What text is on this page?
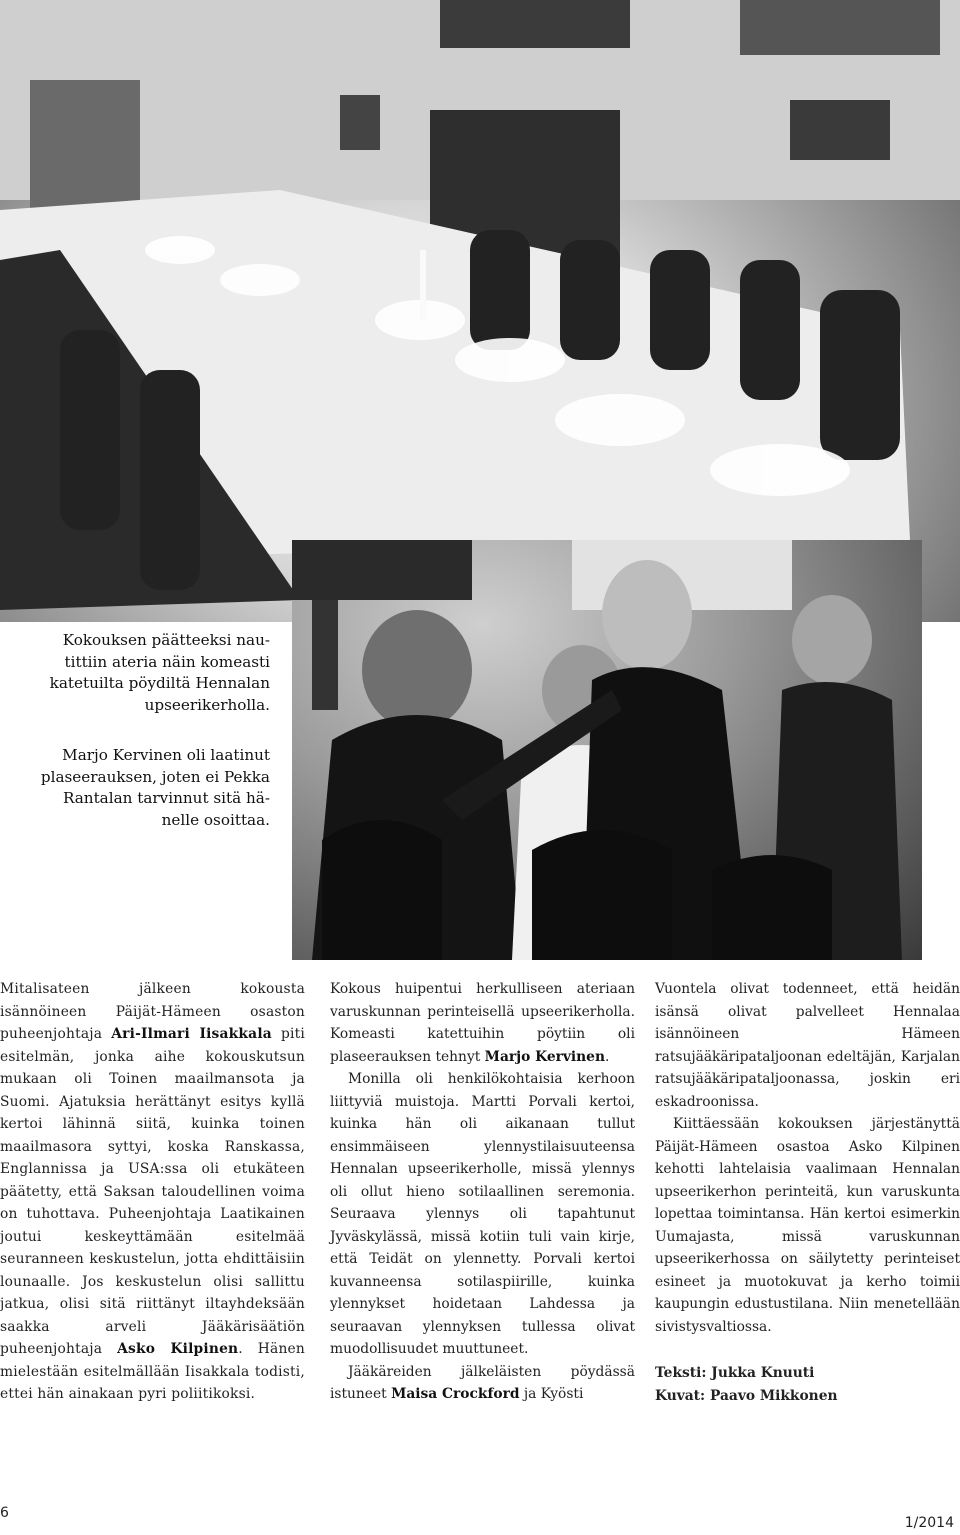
Kokouksen päätteeksi nau-
tittiin ateria näin komeasti
katetuilta pöydiltä Hennalan
upseerikerholla.
Marjo Kervinen oli laatinut
plaseerauksen, joten ei Pekka
Rantalan tarvinnut sitä hä-
nelle osoittaa.

Mitalisateen jälkeen kokousta isännöineen Päijät-Hämeen osaston puheenjohtaja Ari-Ilmari Iisakkala piti esitelmän, jonka aihe kokouskutsun mukaan oli Toinen maailmansota ja Suomi. Ajatuksia herättänyt esitys kyllä kertoi lähinnä siitä, kuinka toinen maailmasora syttyi, koska Ranskassa, Englannissa ja USA:ssa oli etukäteen päätetty, että Saksan taloudellinen voima on tuhottava. Puheenjohtaja Laatikainen joutui keskeyttämään esitelmää seuranneen keskustelun, jotta ehdittäisiin lounaalle. Jos keskustelun olisi sallittu jatkua, olisi sitä riittänyt iltayhdeksään saakka arveli Jääkärisäätiön puheenjohtaja Asko Kilpinen. Hänen mielestään esitelmällään Iisakkala todisti, ettei hän ainakaan pyri poliitikoksi.

Kokous huipentui herkulliseen ateriaan varuskunnan perinteisellä upseerikerholla. Komeasti katettuihin pöytiin oli plaseerauksen tehnyt Marjo Kervinen.

Monilla oli henkilökohtaisia kerhoon liittyviä muistoja. Martti Porvali kertoi, kuinka hän oli aikanaan tullut ensimmäiseen ylennystilaisuuteensa Hennalan upseerikerholle, missä ylennys oli ollut hieno sotilaallinen seremonia. Seuraava ylennys oli tapahtunut Jyväskylässä, missä kotiin tuli vain kirje, että Teidät on ylennetty. Porvali kertoi kuvanneensa sotilaspiirille, kuinka ylennykset hoidetaan Lahdessa ja seuraavan ylennyksen tullessa olivat muodollisuudet muuttuneet.

Jääkäreiden jälkeläisten pöydässä istuneet Maisa Crockford ja Kyösti

Vuontela olivat todenneet, että heidän isänsä olivat palvelleet Hennalaa isännöineen Hämeen ratsujääkäripataljoonan edeltäjän, Karjalan ratsujääkäripataljoonassa, joskin eri eskadroonissa.

Kiittäessään kokouksen järjestänyttä Päijät-Hämeen osastoa Asko Kilpinen kehotti lahtelaisia vaalimaan Hennalan upseerikerhon perinteitä, kun varuskunta lopettaa toimintansa. Hän kertoi esimerkin Uumajasta, missä varuskunnan upseerikerhossa on säilytetty perinteiset esineet ja muotokuvat ja kerho toimii kaupungin edustustilana. Niin menetellään sivistysvaltiossa.

Teksti: Jukka Knuuti
Kuvat: Paavo Mikkonen
6
1/2014
